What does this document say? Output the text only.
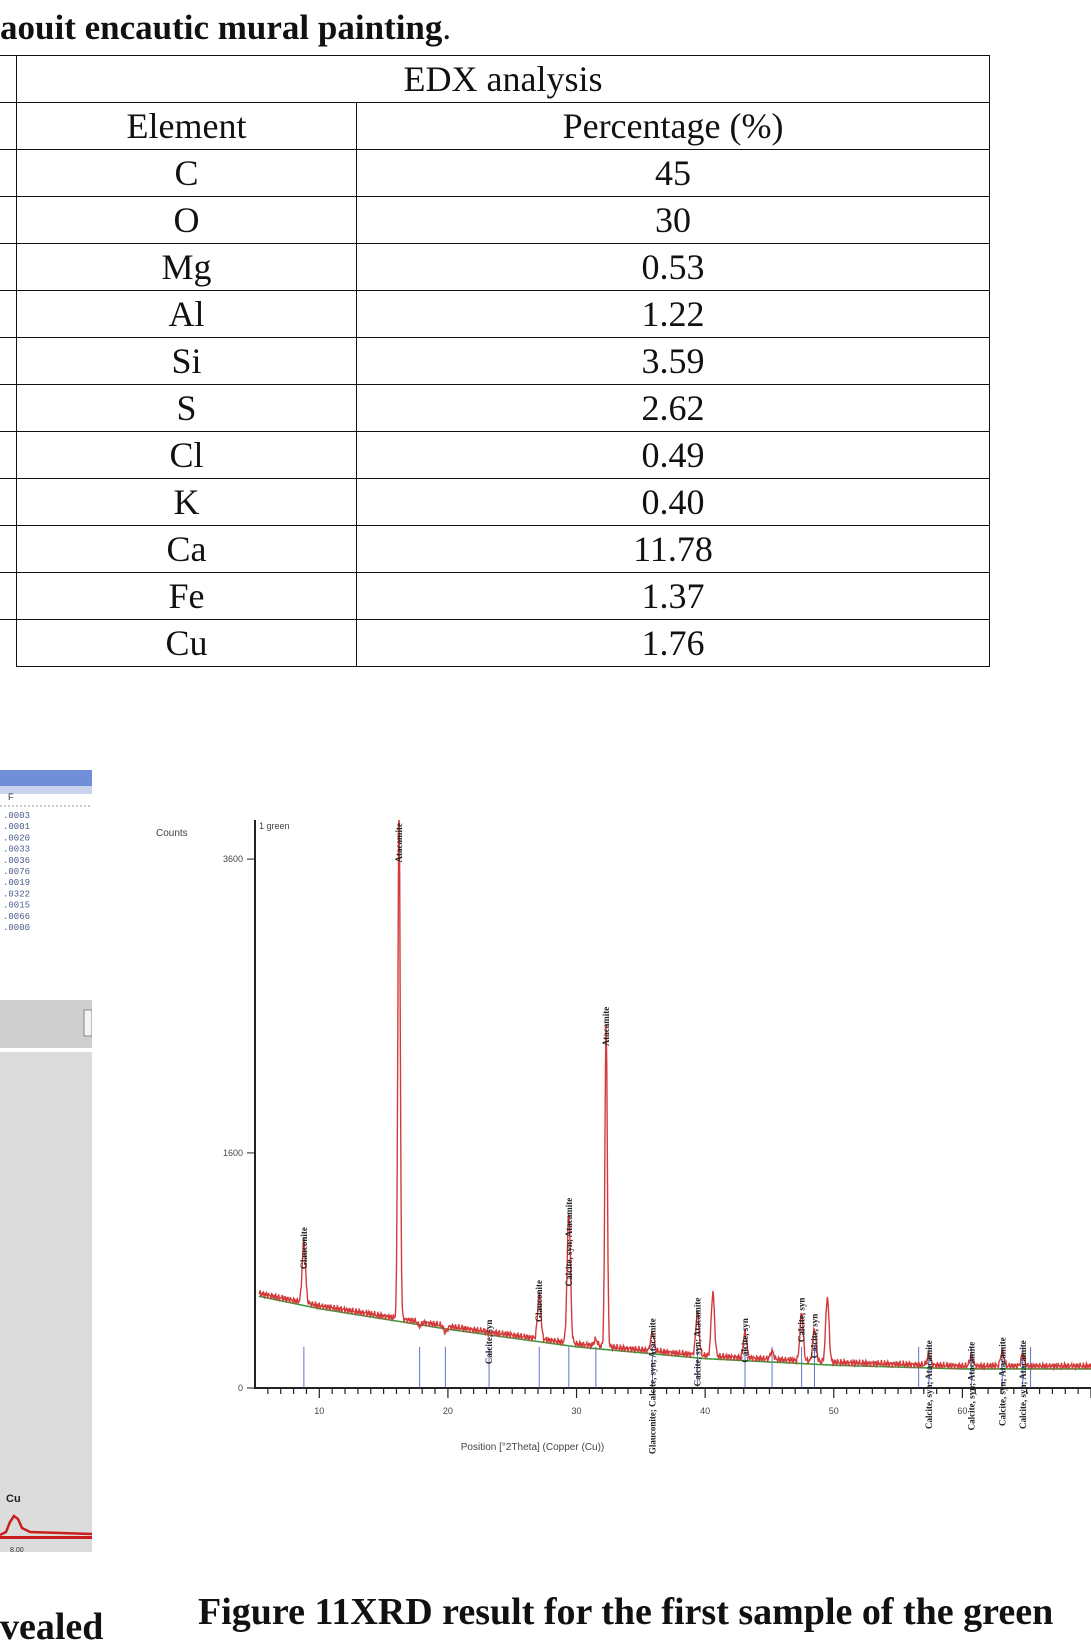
aouit encautic mural painting.
EDX analysis	
Element	Percentage (%)
C	45
O	30
Mg	0.53
Al	1.22
Si	3.59
S	2.62
Cl	0.49
K	0.40
Ca	11.78
Fe	1.37
Cu	1.76
F
.0003
.0001
.0020
.0033
.0036
.0076
.0019
.0322
.0015
.0066
.0000
Cu
8.00
Counts
1 green
0
1600
3600
10	20	30	40	50	60
Glauconite
Atacamite
Calcite, syn
Glauconite
Calcite, syn; Atacamite
Atacamite
Glauconite; Calcite, syn; Atacamite	Calcite, syn; Atacamite	Calcite, syn	Calcite, syn Calcite, syn
Calcite, syn; Atacamite	Calcite, syn; Atacamite Calcite, syn; Atacamite Calcite, syn; Atacamite
Position [°2Theta] (Copper (Cu))
Figure 11XRD result for the first sample of the green
vealed
